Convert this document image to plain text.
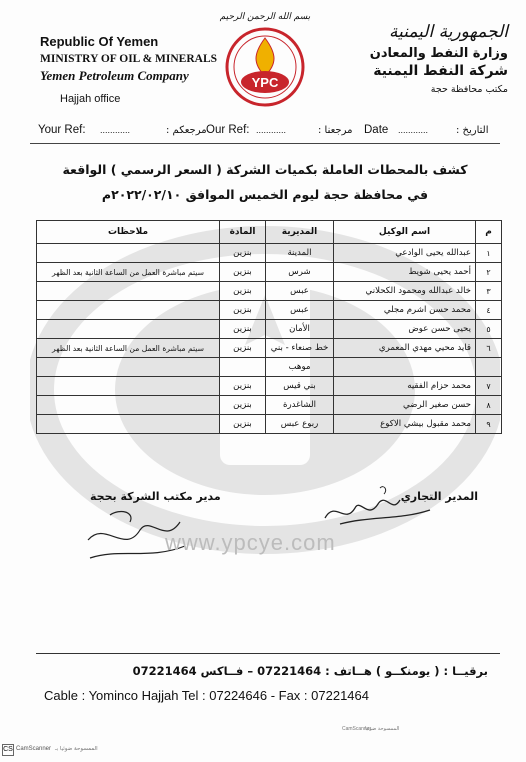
Republic Of Yemen
MINISTRY OF OIL & MINERALS
Yemen Petroleum Company
Hajjah office
بسم الله الرحمن الرحيم
YPC
الجمهورية اليمنية
وزارة النفط والمعادن
شركة النفط اليمنية
مكتب محافظة حجة
Your Ref: ............	مرجعكم : Our Ref: ............	مرجعنا : Date ............	التاريخ :
كشف بالمحطات العاملة بكميات الشركة ( السعر الرسمي ) الواقعة
في محافظة حجة ليوم الخميس الموافق ٢٠٢٢/٠٢/١٠م
م	اسم الوكيل	المديرية	المادة	ملاحظات
١	عبدالله يحيى الوادعي	المدينة	بنزين	
٢	أحمد يحيى شويط	شرس	بنزين	سيتم مباشرة العمل من الساعة الثانية بعد الظهر
٣	خالد عبدالله ومحمود الكحلاني	عبس	بنزين	
٤	محمد حسن اشرم مجلي	عبس	بنزين	
٥	يحيى حسن عوض	الأمان	بنزين	
٦	قايد محيي مهدي المعمري	خط صنعاء - بني	بنزين	سيتم مباشرة العمل من الساعة الثانية بعد الظهر
		موهب		
٧	محمد حزام الفقيه	بني قيس	بنزين	
٨	حسن صغير الرضي	الشاغدرة	بنزين	
٩	محمد مقبول بيشي الاكوع	ربوع عبس	بنزين	
المدير التجاري
مدير مكتب الشركة بحجة
www.ypcye.com
برقيــا : ( يومنكــو ) هــاتف : 07221464 – فــاكس 07221464
Cable : Yominco Hajjah Tel : 07224646 - Fax : 07221464
CS CamScanner الممسوحة ضوئيا بـ
CamScanner
الممسوحة ضوئيا
